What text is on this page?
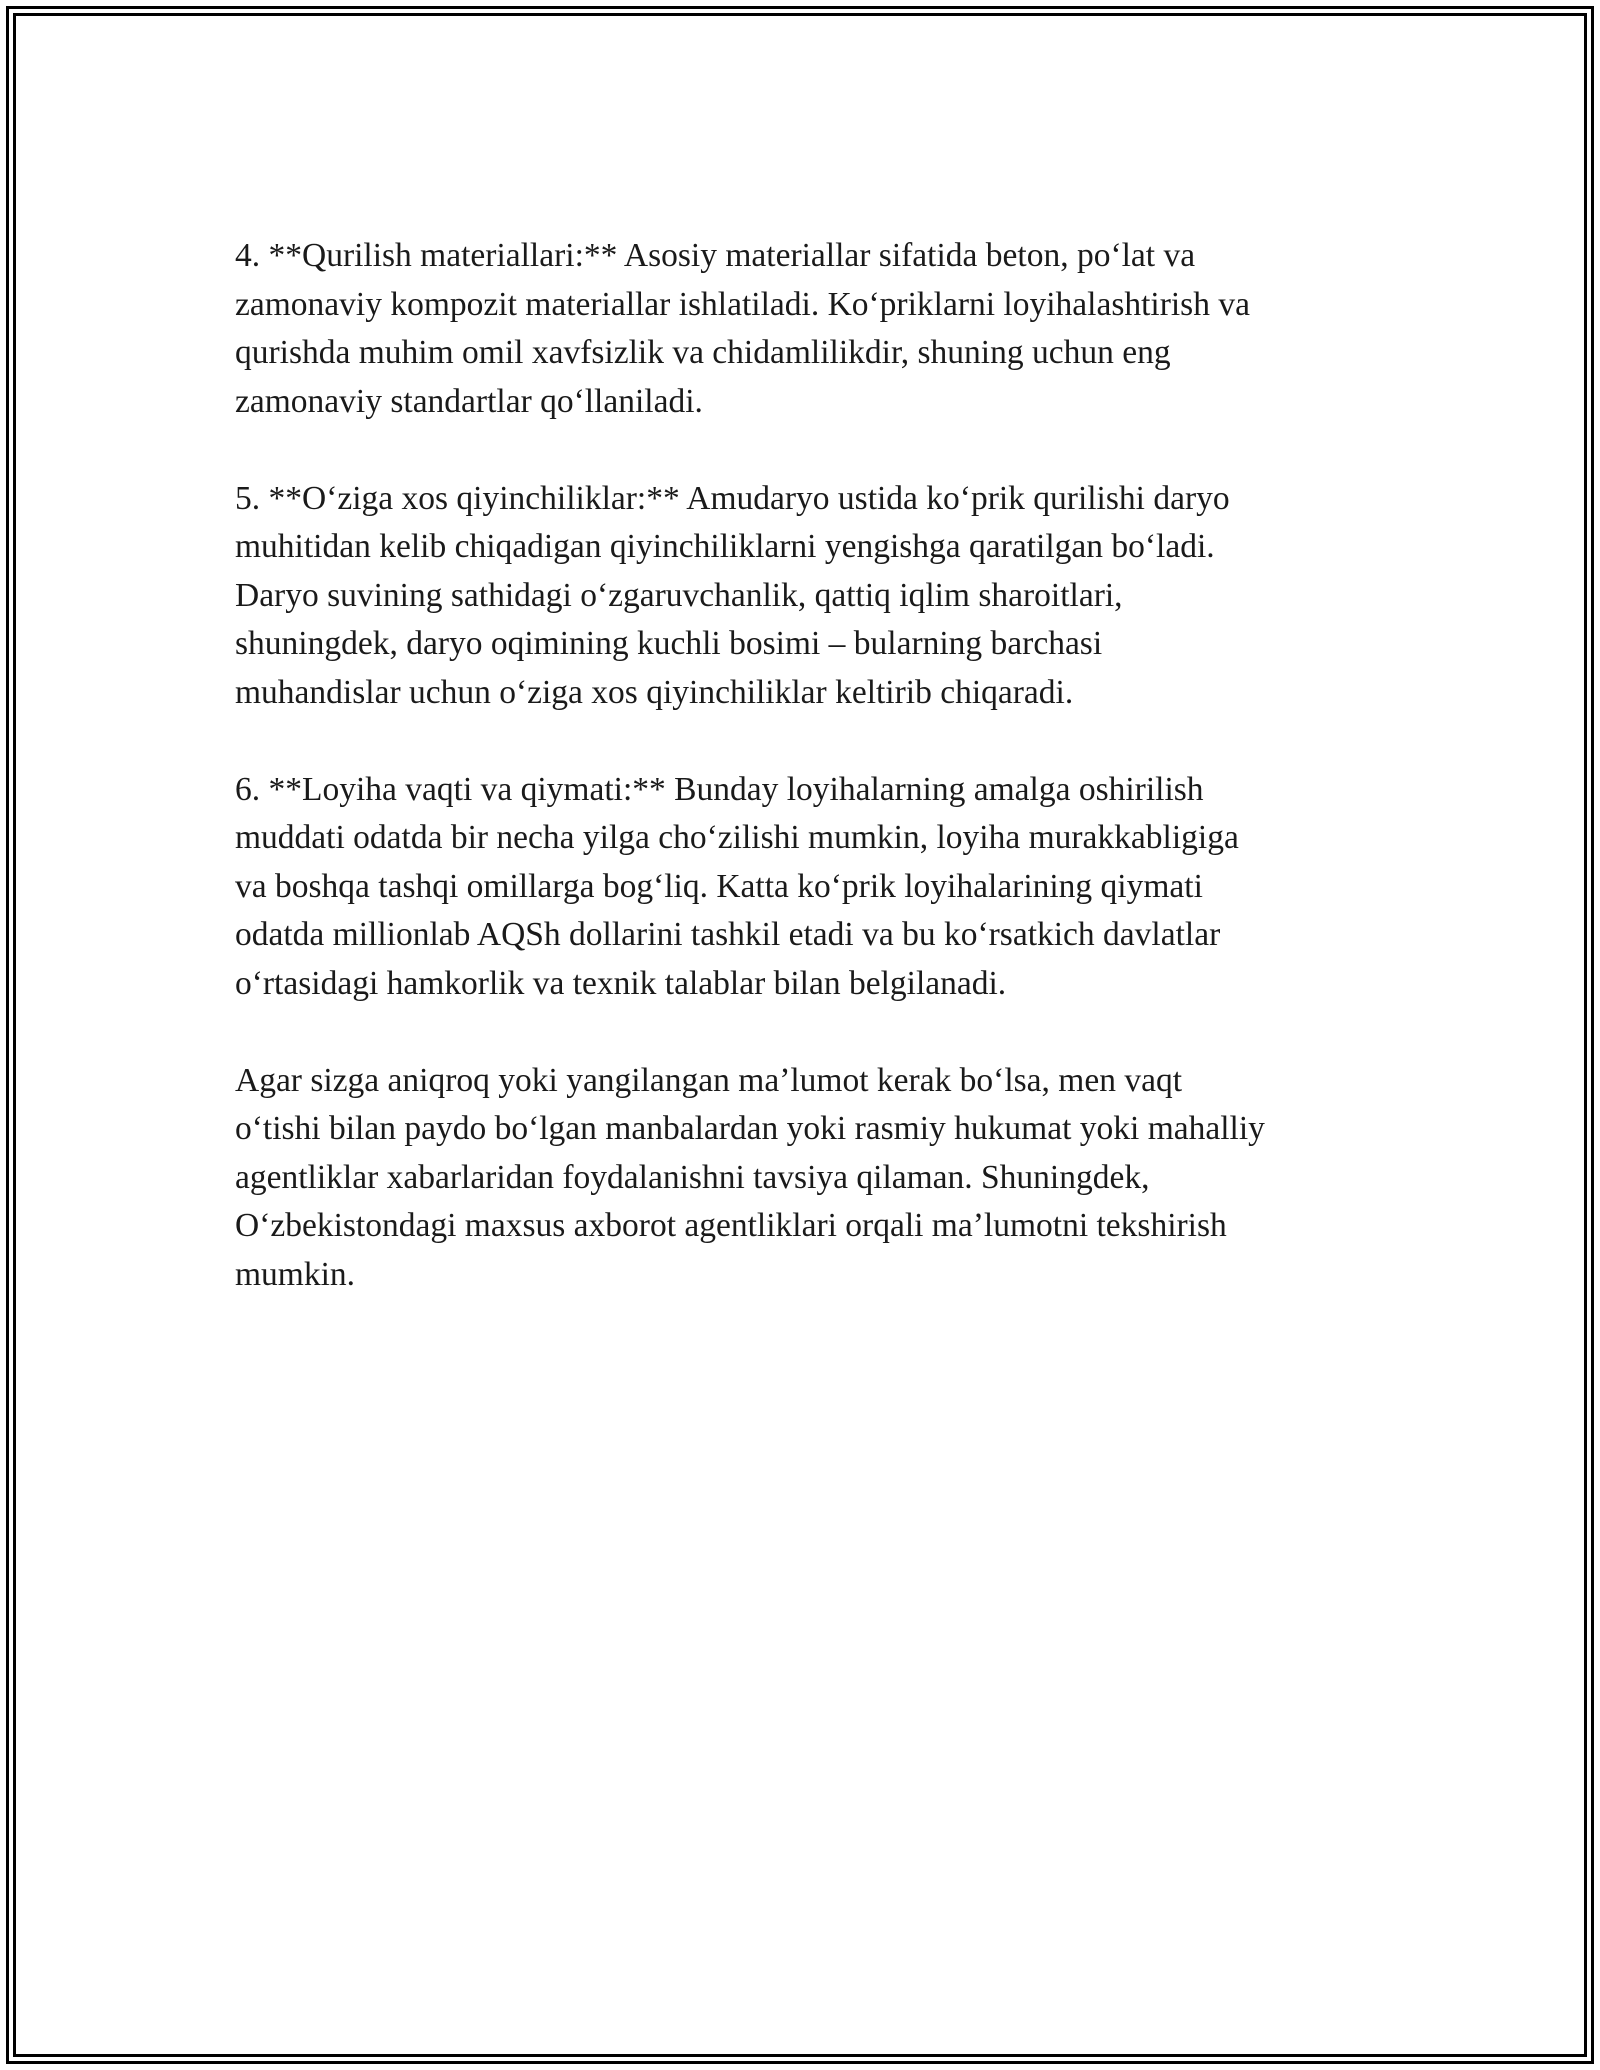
4. **Qurilish materiallari:** Asosiy materiallar sifatida beton, poʻlat va
zamonaviy kompozit materiallar ishlatiladi. Koʻpriklarni loyihalashtirish va
qurishda muhim omil xavfsizlik va chidamlilikdir, shuning uchun eng
zamonaviy standartlar qoʻllaniladi.

5. **Oʻziga xos qiyinchiliklar:** Amudaryo ustida koʻprik qurilishi daryo
muhitidan kelib chiqadigan qiyinchiliklarni yengishga qaratilgan boʻladi.
Daryo suvining sathidagi oʻzgaruvchanlik, qattiq iqlim sharoitlari,
shuningdek, daryo oqimining kuchli bosimi – bularning barchasi
muhandislar uchun oʻziga xos qiyinchiliklar keltirib chiqaradi.

6. **Loyiha vaqti va qiymati:** Bunday loyihalarning amalga oshirilish
muddati odatda bir necha yilga choʻzilishi mumkin, loyiha murakkabligiga
va boshqa tashqi omillarga bogʻliq. Katta koʻprik loyihalarining qiymati
odatda millionlab AQSh dollarini tashkil etadi va bu koʻrsatkich davlatlar
oʻrtasidagi hamkorlik va texnik talablar bilan belgilanadi.

Agar sizga aniqroq yoki yangilangan maʼlumot kerak boʻlsa, men vaqt
oʻtishi bilan paydo boʻlgan manbalardan yoki rasmiy hukumat yoki mahalliy
agentliklar xabarlaridan foydalanishni tavsiya qilaman. Shuningdek,
Oʻzbekistondagi maxsus axborot agentliklari orqali maʼlumotni tekshirish
mumkin.
